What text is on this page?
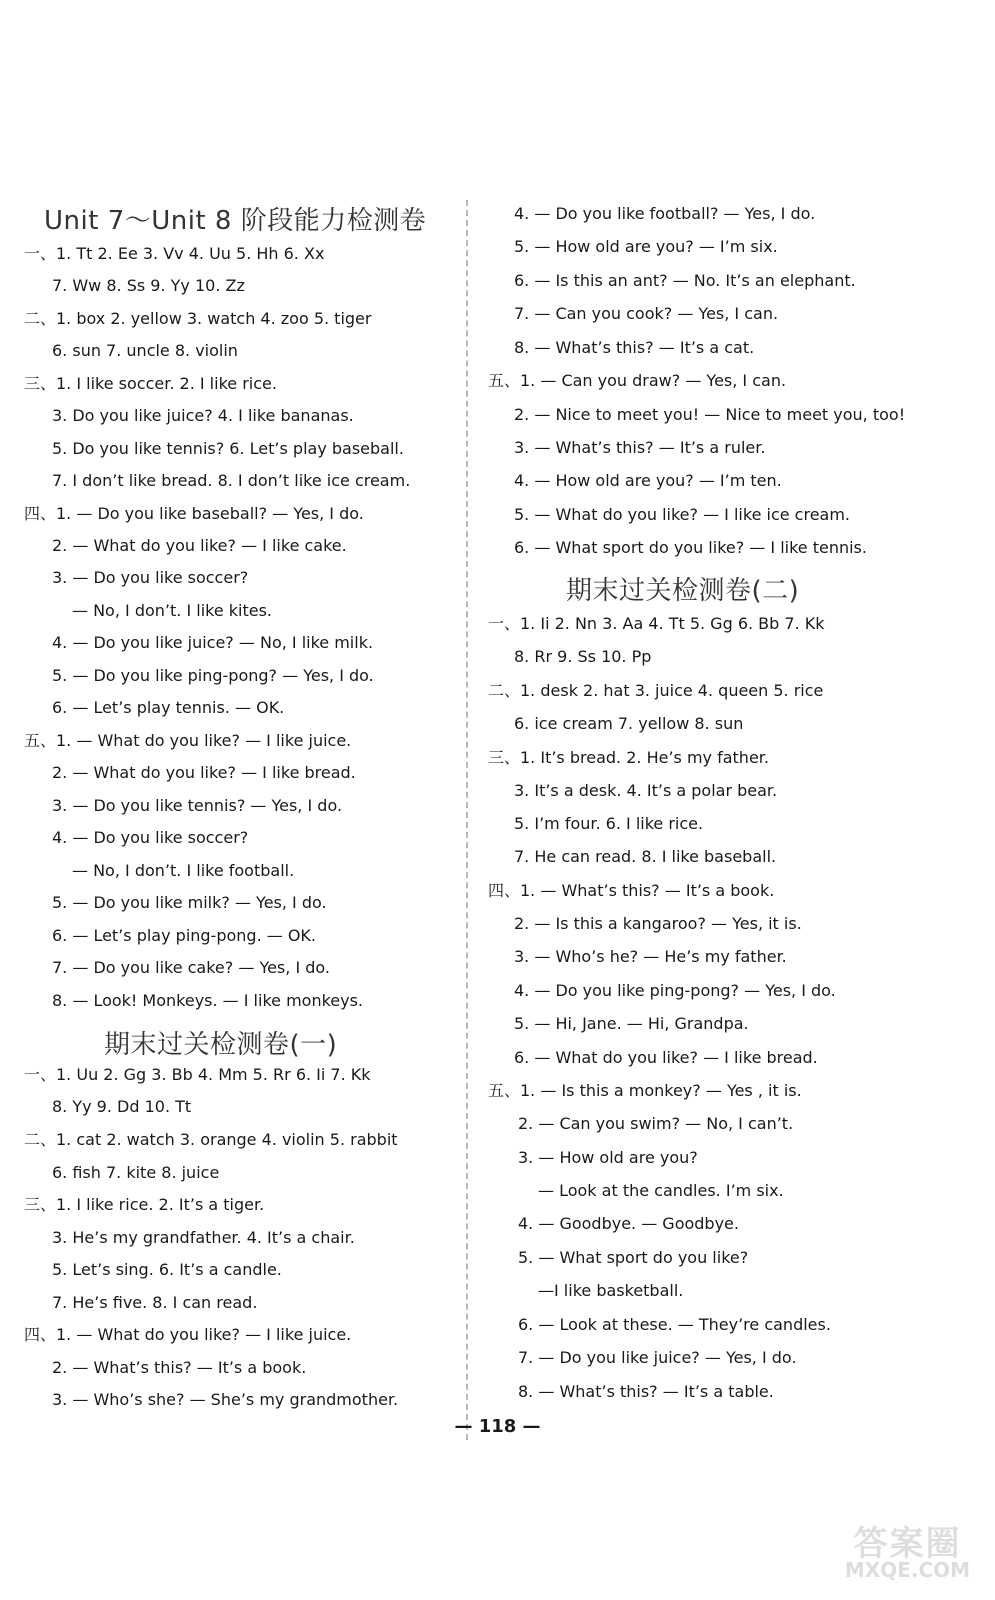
Unit 7～Unit 8 阶段能力检测卷
一、1. Tt 2. Ee 3. Vv 4. Uu 5. Hh 6. Xx
7. Ww 8. Ss 9. Yy 10. Zz
二、1. box 2. yellow 3. watch 4. zoo 5. tiger
6. sun 7. uncle 8. violin
三、1. I like soccer. 2. I like rice.
3. Do you like juice? 4. I like bananas.
5. Do you like tennis? 6. Let’s play baseball.
7. I don’t like bread. 8. I don’t like ice cream.
四、1. — Do you like baseball? — Yes, I do.
2. — What do you like? — I like cake.
3. — Do you like soccer?
— No, I don’t. I like kites.
4. — Do you like juice? — No, I like milk.
5. — Do you like ping-pong? — Yes, I do.
6. — Let’s play tennis. — OK.
五、1. — What do you like? — I like juice.
2. — What do you like? — I like bread.
3. — Do you like tennis? — Yes, I do.
4. — Do you like soccer?
— No, I don’t. I like football.
5. — Do you like milk? — Yes, I do.
6. — Let’s play ping-pong. — OK.
7. — Do you like cake? — Yes, I do.
8. — Look! Monkeys. — I like monkeys.
期末过关检测卷(一)
一、1. Uu 2. Gg 3. Bb 4. Mm 5. Rr 6. Ii 7. Kk
8. Yy 9. Dd 10. Tt
二、1. cat 2. watch 3. orange 4. violin 5. rabbit
6. fish 7. kite 8. juice
三、1. I like rice. 2. It’s a tiger.
3. He’s my grandfather. 4. It’s a chair.
5. Let’s sing. 6. It’s a candle.
7. He’s five. 8. I can read.
四、1. — What do you like? — I like juice.
2. — What’s this? — It’s a book.
3. — Who’s she? — She’s my grandmother.
4. — Do you like football? — Yes, I do.
5. — How old are you? — I’m six.
6. — Is this an ant? — No. It’s an elephant.
7. — Can you cook? — Yes, I can.
8. — What’s this? — It’s a cat.
五、1. — Can you draw? — Yes, I can.
2. — Nice to meet you! — Nice to meet you, too!
3. — What’s this? — It’s a ruler.
4. — How old are you? — I’m ten.
5. — What do you like? — I like ice cream.
6. — What sport do you like? — I like tennis.
期末过关检测卷(二)
一、1. Ii 2. Nn 3. Aa 4. Tt 5. Gg 6. Bb 7. Kk
8. Rr 9. Ss 10. Pp
二、1. desk 2. hat 3. juice 4. queen 5. rice
6. ice cream 7. yellow 8. sun
三、1. It’s bread. 2. He’s my father.
3. It’s a desk. 4. It’s a polar bear.
5. I’m four. 6. I like rice.
7. He can read. 8. I like baseball.
四、1. — What’s this? — It’s a book.
2. — Is this a kangaroo? — Yes, it is.
3. — Who’s he? — He’s my father.
4. — Do you like ping-pong? — Yes, I do.
5. — Hi, Jane. — Hi, Grandpa.
6. — What do you like? — I like bread.
五、1. — Is this a monkey? — Yes , it is.
2. — Can you swim? — No, I can’t.
3. — How old are you?
— Look at the candles. I’m six.
4. — Goodbye. — Goodbye.
5. — What sport do you like?
—I like basketball.
6. — Look at these. — They’re candles.
7. — Do you like juice? — Yes, I do.
8. — What’s this? — It’s a table.
— 118 —
答案圈
MXQE.COM
